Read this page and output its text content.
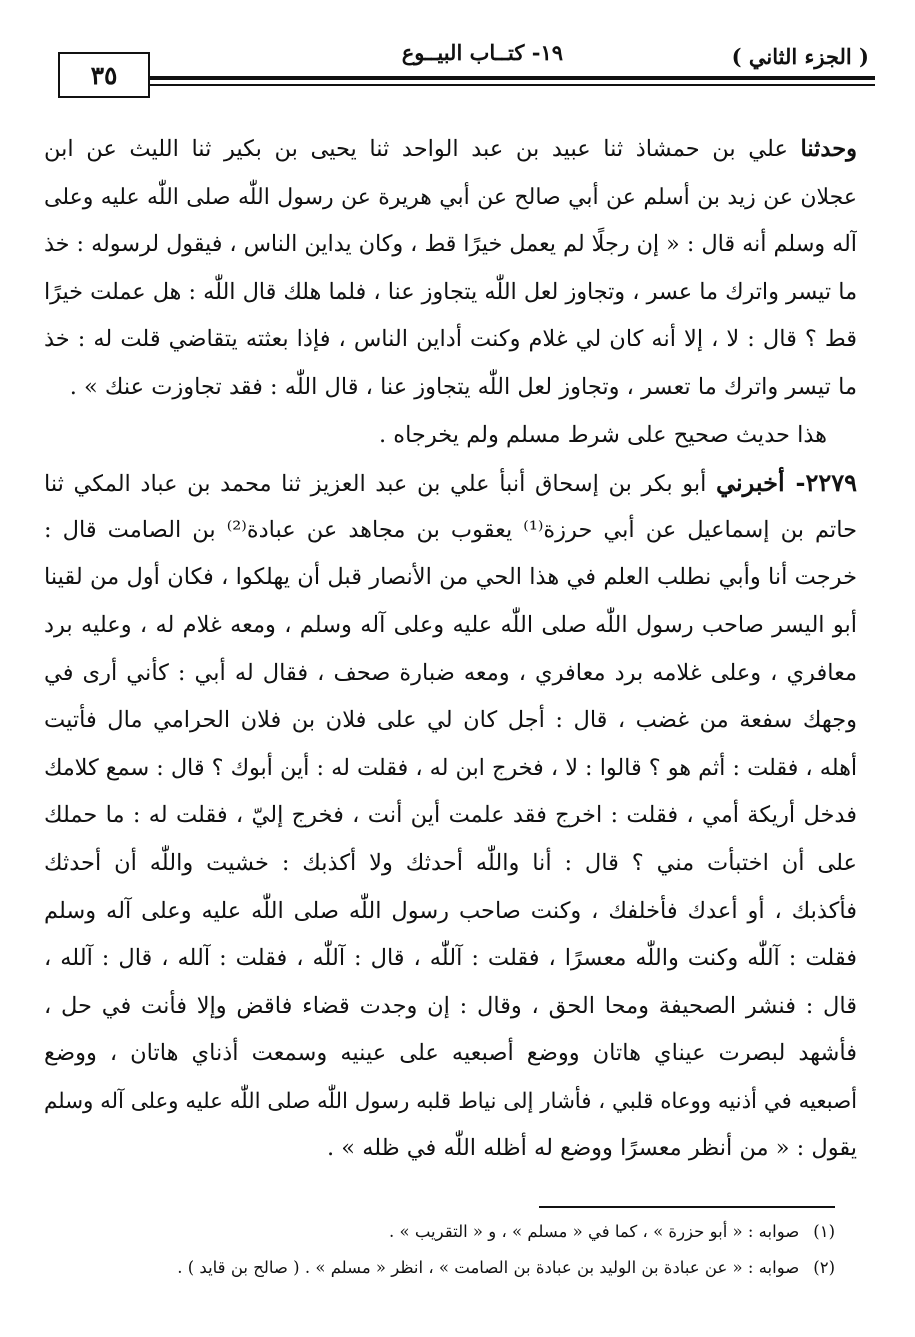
( الجزء الثاني )
١٩- كتــاب البيــوع
٣٥
وحدثنا علي بن حمشاذ ثنا عبيد بن عبد الواحد ثنا يحيى بن بكير ثنا الليث عن ابن
عجلان عن زيد بن أسلم عن أبي صالح عن أبي هريرة عن رسول اللّٰه صلى اللّٰه عليه وعلى
آله وسلم أنه قال : « إن رجلًا لم يعمل خيرًا قط ، وكان يداين الناس ، فيقول لرسوله : خذ
ما تيسر واترك ما عسر ، وتجاوز لعل اللّٰه يتجاوز عنا ، فلما هلك قال اللّٰه : هل عملت خيرًا
قط ؟ قال : لا ، إلا أنه كان لي غلام وكنت أداين الناس ، فإذا بعثته يتقاضي قلت له : خذ
ما تيسر واترك ما تعسر ، وتجاوز لعل اللّٰه يتجاوز عنا ، قال اللّٰه : فقد تجاوزت عنك » .
هذا حديث صحيح على شرط مسلم ولم يخرجاه .
٢٢٧٩- أخبرني أبو بكر بن إسحاق أنبأ علي بن عبد العزيز ثنا محمد بن عباد المكي ثنا
حاتم بن إسماعيل عن أبي حرزة⁽¹⁾ يعقوب بن مجاهد عن عبادة⁽²⁾ بن الصامت قال :
خرجت أنا وأبي نطلب العلم في هذا الحي من الأنصار قبل أن يهلكوا ، فكان أول من لقينا
أبو اليسر صاحب رسول اللّٰه صلى اللّٰه عليه وعلى آله وسلم ، ومعه غلام له ، وعليه برد
معافري ، وعلى غلامه برد معافري ، ومعه ضبارة صحف ، فقال له أبي : كأني أرى في
وجهك سفعة من غضب ، قال : أجل كان لي على فلان بن فلان الحرامي مال فأتيت
أهله ، فقلت : أثم هو ؟ قالوا : لا ، فخرج ابن له ، فقلت له : أين أبوك ؟ قال : سمع كلامك
فدخل أريكة أمي ، فقلت : اخرج فقد علمت أين أنت ، فخرج إليّ ، فقلت له : ما حملك
على أن اختبأت مني ؟ قال : أنا واللّٰه أحدثك ولا أكذبك : خشيت واللّٰه أن أحدثك
فأكذبك ، أو أعدك فأخلفك ، وكنت صاحب رسول اللّٰه صلى اللّٰه عليه وعلى آله وسلم
فقلت : آللّٰه وكنت واللّٰه معسرًا ، فقلت : آللّٰه ، قال : آللّٰه ، فقلت : آلله ، قال : آلله ،
قال : فنشر الصحيفة ومحا الحق ، وقال : إن وجدت قضاء فاقض وإلا فأنت في حل ،
فأشهد لبصرت عيناي هاتان ووضع أصبعيه على عينيه وسمعت أذناي هاتان ، ووضع
أصبعيه في أذنيه ووعاه قلبي ، فأشار إلى نياط قلبه رسول اللّٰه صلى اللّٰه عليه وعلى آله وسلم
يقول : « من أنظر معسرًا ووضع له أظله اللّٰه في ظله » .
(١)صوابه : « أبو حزرة » ، كما في « مسلم » ، و « التقريب » .
(٢)صوابه : « عن عبادة بن الوليد بن عبادة بن الصامت » ، انظر « مسلم » . ( صالح بن قايد ) .
